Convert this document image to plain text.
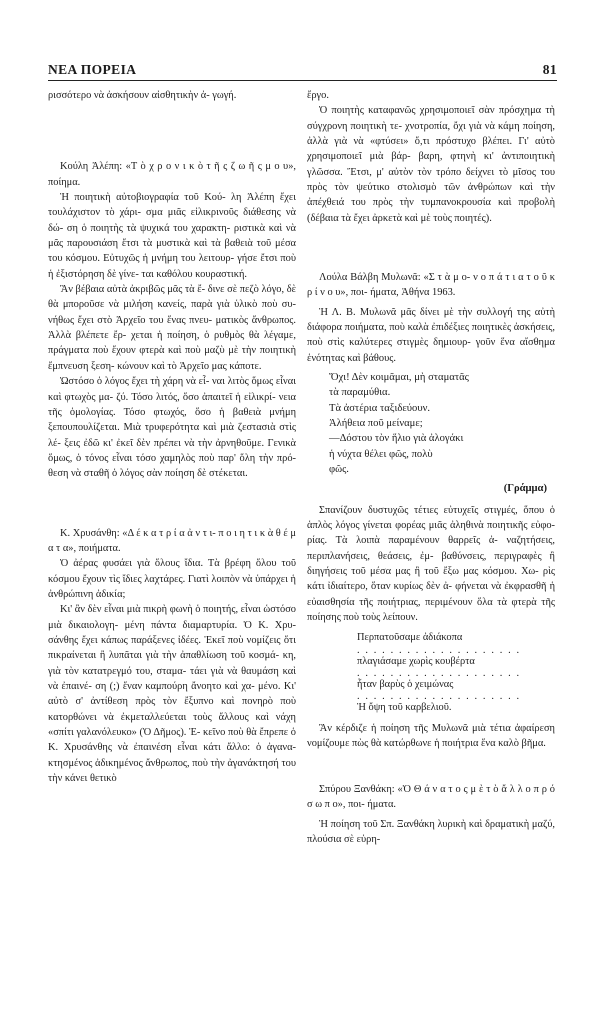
ΝΕΑ ΠΟΡΕΙΑ	81

ρισσότερο νὰ ἀσκήσουν αἰσθητικὴν ἀ- γωγή.

Κούλη Ἀλέπη: «Τ ὸ χ ρ ο ν ι κ ὸ τ ῆ ς ζ ω ῆ ς μ ο υ», ποίημα.

Ἡ ποιητικὴ αὐτοβιογραφία τοῦ Κού- λη Ἀλέπη ἔχει τουλάχιστον τὸ χάρι- σμα μιᾶς εἰλικρινοῦς διάθεσης νὰ δώ- ση ὁ ποιητὴς τὰ ψυχικά του χαρακτη- ριστικὰ καὶ νὰ μᾶς παρουσιάση ἔτσι τὰ μυστικὰ καὶ τὰ βαθειὰ τοῦ μέσα του κόσμου. Εὐτυχῶς ἡ μνήμη του λειτουρ- γήσε ἔτσι ποὺ ἡ ἐξιστόρηση δὲ γίνε- ται καθόλου κουραστική.

Ἂν βέβαια αὐτὰ ἀκριβῶς μᾶς τὰ ἔ- δινε σὲ πεζὸ λόγο, δὲ θὰ μποροῦσε νὰ μιλήση κανείς, παρὰ γιὰ ὑλικὸ ποὺ συ- νήθως ἔχει στὸ Ἀρχεῖο του ἕνας πνευ- ματικὸς ἄνθρωπος. Ἀλλὰ βλέπετε ἔρ- χεται ἡ ποίηση, ὁ ρυθμὸς θὰ λέγαμε, πράγματα ποὺ ἔχουν φτερὰ καὶ ποὺ μαζὺ μὲ τὴν ποιητικὴ ἔμπνευση ξεση- κώνουν καὶ τὸ Ἀρχεῖο μας κάποτε.

Ὡστόσο ὁ λόγος ἔχει τὴ χάρη νὰ εἶ- ναι λιτὸς ὅμως εἶναι καὶ φτωχὸς μα- ζύ. Τόσο λιτός, ὅσο ἀπαιτεῖ ἡ εἰλικρί- νεια τῆς ὁμολογίας. Τόσο φτωχός, ὅσο ἡ βαθειὰ μνήμη ξεπουπουλίζεται. Μιὰ τρυφερότητα καὶ μιὰ ζεστασιὰ στὶς λέ- ξεις ἐδῶ κι' ἐκεῖ δὲν πρέπει νὰ τὴν ἀρνηθοῦμε. Γενικὰ ὅμως, ὁ τόνος εἶναι τόσο χαμηλὸς ποὺ παρ' ὅλη τὴν πρό- θεση νὰ σταθῆ ὁ λόγος σὰν ποίηση δὲ στέκεται.

Κ. Χρυσάνθη: «Δ έ κ α τ ρ ί α ἀ ν τ ι- π ο ι η τ ι κ ὰ θ έ μ α τ α», ποιήματα.

Ὁ ἀέρας φυσάει γιὰ ὅλους ἴδια. Τὰ βρέφη ὅλου τοῦ κόσμου ἔχουν τὶς ἴδιες λαχτάρες. Γιατὶ λοιπὸν νὰ ὑπάρχει ἡ ἀνθρώπινη ἀδικία;

Κι' ἂν δὲν εἶναι μιὰ πικρὴ φωνὴ ὁ ποιητής, εἶναι ὡστόσο μιὰ δικαιολογη- μένη πάντα διαμαρτυρία. Ὁ Κ. Χρυ- σάνθης ἔχει κάπως παράξενες ἰδέες. Ἐκεῖ ποὺ νομίζεις ὅτι πικραίνεται ἢ λυπᾶται γιὰ τὴν ἀπαθλίωση τοῦ κοσμά- κη, γιὰ τὸν κατατρεγμό του, σταμα- τάει γιὰ νὰ θαυμάση καὶ νὰ ἐπαινέ- ση (;) ἕναν καμπούρη ἄνοητο καὶ χα- μένο. Κι' αὐτὸ σ' ἀντίθεση πρὸς τὸν ἔξυπνο καὶ πονηρὸ ποὺ κατορθώνει νὰ ἐκμεταλλεύεται τοὺς ἄλλους καὶ νάχη «σπίτι γαλανόλευκο» (Ὁ Δῆμος). Ἐ- κεῖνο ποὺ θὰ ἔπρεπε ὁ Κ. Χρυσάνθης νὰ ἐπαινέση εἶναι κάτι ἄλλο: ὁ ἀγανα- κτησμένος ἀδικημένος ἄνθρωπος, ποὺ τὴν ἀγανάκτησή του τὴν κάνει θετικὸ

ἔργο.

Ὁ ποιητὴς καταφανῶς χρησιμοποιεῖ σὰν πρόσχημα τὴ σύγχρονη ποιητικὴ τε- χνοτροπία, ὄχι γιὰ νὰ κάμη ποίηση, ἀλλὰ γιὰ νὰ «φτύσει» ὅ,τι πρόστυχο βλέπει. Γι' αὐτὸ χρησιμοποιεῖ μιὰ βάρ- βαρη, φτηνὴ κι' ἀντιποιητικὴ γλῶσσα. Ἔτσι, μ' αὐτὸν τὸν τρόπο δείχνει τὸ μῖσος του πρὸς τὸν ψεύτικο στολισμὸ τῶν ἀνθρώπων καὶ τὴν ἀπέχθειά του πρὸς τὴν τυμπανοκρουσία καὶ προβολὴ (δέβαια τὰ ἔχει ἀρκετὰ καὶ μὲ τοὺς ποιητές).

Λούλα Βάλβη Μυλωνᾶ: «Σ τ ὰ μ ο- ν ο π ά τ ι α τ ο ῦ κ ρ ί ν ο υ», ποι- ήματα, Ἀθήνα 1963.

Ἡ Λ. Β. Μυλωνᾶ μᾶς δίνει μὲ τὴν συλλογή της αὐτὴ διάφορα ποιήματα, ποὺ καλὰ ἐπιδέξιες ποιητικὲς ἀσκήσεις, ποὺ στὶς καλύτερες στιγμὲς δημιουρ- γοῦν ἕνα αἴσθημα ἑνότητας καὶ βάθους.

Ὄχι! Δὲν κοιμᾶμαι, μὴ σταματᾶς
τὰ παραμύθια.
Τὰ ἀστέρια ταξιδεύουν.
Ἀλήθεια ποῦ μείναμε;
—Δόστου τὸν ἥλιο γιὰ ἀλογάκι
ἡ νύχτα θέλει φῶς, πολὺ
φῶς.
(Γράμμα)

Σπανίζουν δυστυχῶς τέτιες εὐτυχεῖς στιγμές, ὅπου ὁ ἁπλὸς λόγος γίνεται φορέας μιᾶς ἀληθινὰ ποιητικῆς εὐφο- ρίας. Τὰ λοιπὰ παραμένουν θαρρεῖς ἀ- ναζητήσεις, περιπλανήσεις, θεάσεις, ἐμ- βαθύνσεις, περιγραφὲς ἢ διηγήσεις τοῦ μέσα μας ἢ τοῦ ἔξω μας κόσμου. Χω- ρὶς κάτι ἰδιαίτερο, ὅταν κυρίως δὲν ἀ- φήνεται νὰ ἐκφρασθῆ ἡ εὐαισθησία τῆς ποιήτριας, περιμένουν ὅλα τὰ φτερὰ τῆς ποίησης ποὺ τοὺς λείπουν.

Περπατοῦσαμε ἀδιάκοπα
. . . . . . . . . . . . . . . . . . . .
πλαγιάσαμε χωρὶς κουβέρτα
. . . . . . . . . . . . . . . . . . . .
ἦταν βαρὺς ὁ χειμώνας
. . . . . . . . . . . . . . . . . . . .
Ἡ ὄψη τοῦ καρβελιοῦ.

Ἂν κέρδιζε ἡ ποίηση τῆς Μυλωνᾶ μιὰ τέτια ἀφαίρεση νομίζουμε πὼς θὰ κατώρθωνε ἡ ποιήτρια ἕνα καλὸ βῆμα.

Σπύρου Ξανθάκη: «Ὁ Θ ά ν α τ ο ς μ ὲ τ ὸ ἄ λ λ ο π ρ ό σ ω π ο», ποι- ήματα.

Ἡ ποίηση τοῦ Σπ. Ξανθάκη λυρικὴ καὶ δραματικὴ μαζύ, πλούσια σὲ εὑρη-
